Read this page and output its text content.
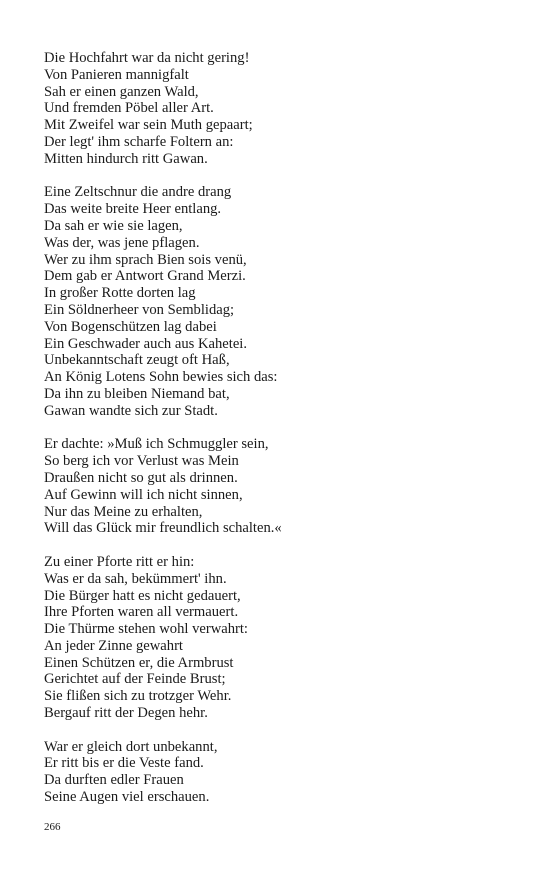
Die Hochfahrt war da nicht gering!
Von Panieren mannigfalt
Sah er einen ganzen Wald,
Und fremden Pöbel aller Art.
Mit Zweifel war sein Muth gepaart;
Der legt' ihm scharfe Foltern an:
Mitten hindurch ritt Gawan.
Eine Zeltschnur die andre drang
Das weite breite Heer entlang.
Da sah er wie sie lagen,
Was der, was jene pflagen.
Wer zu ihm sprach Bien sois venü,
Dem gab er Antwort Grand Merzi.
In großer Rotte dorten lag
Ein Söldnerheer von Semblidag;
Von Bogenschützen lag dabei
Ein Geschwader auch aus Kahetei.
Unbekanntschaft zeugt oft Haß,
An König Lotens Sohn bewies sich das:
Da ihn zu bleiben Niemand bat,
Gawan wandte sich zur Stadt.
Er dachte: »Muß ich Schmuggler sein,
So berg ich vor Verlust was Mein
Draußen nicht so gut als drinnen.
Auf Gewinn will ich nicht sinnen,
Nur das Meine zu erhalten,
Will das Glück mir freundlich schalten.«
Zu einer Pforte ritt er hin:
Was er da sah, bekümmert' ihn.
Die Bürger hatt es nicht gedauert,
Ihre Pforten waren all vermauert.
Die Thürme stehen wohl verwahrt:
An jeder Zinne gewahrt
Einen Schützen er, die Armbrust
Gerichtet auf der Feinde Brust;
Sie flißen sich zu trotzger Wehr.
Bergauf ritt der Degen hehr.
War er gleich dort unbekannt,
Er ritt bis er die Veste fand.
Da durften edler Frauen
Seine Augen viel erschauen.
266
